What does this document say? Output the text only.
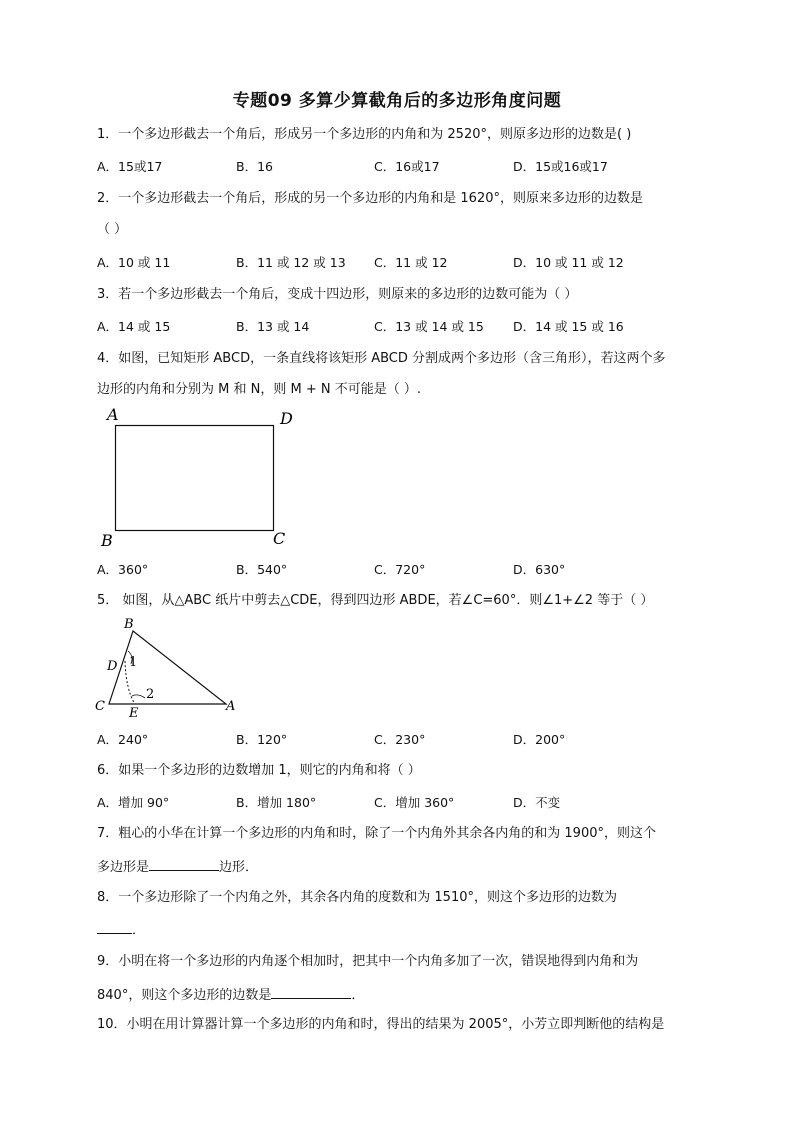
专题09 多算少算截角后的多边形角度问题
1．一个多边形截去一个角后，形成另一个多边形的内角和为 2520°，则原多边形的边数是( )
A．15或17	B．16	C．16或17	D．15或16或17
2．一个多边形截去一个角后，形成的另一个多边形的内角和是 1620°，则原来多边形的边数是
（ ）
A．10 或 11	B．11 或 12 或 13 C．11 或 12	D．10 或 11 或 12
3．若一个多边形截去一个角后，变成十四边形，则原来的多边形的边数可能为（ ）
A．14 或 15	B．13 或 14	C．13 或 14 或 15 D．14 或 15 或 16
4．如图，已知矩形 ABCD，一条直线将该矩形 ABCD 分割成两个多边形（含三角形），若这两个多
边形的内角和分别为 M 和 N，则 M + N 不可能是（ ）.
A	D
B	C
A．360°	B．540°	C．720°	D．630°
5． 如图，从△ABC 纸片中剪去△CDE，得到四边形 ABDE，若∠C=60°．则∠1+∠2 等于（ ）
B
D
C E	A
1
2
A．240°	B．120°	C．230°	D．200°
6．如果一个多边形的边数增加 1，则它的内角和将（ ）
A．增加 90°	B．增加 180°	C．增加 360°	D．不变
7．粗心的小华在计算一个多边形的内角和时，除了一个内角外其余各内角的和为 1900°，则这个
多边形是	边形．
8．一个多边形除了一个内角之外，其余各内角的度数和为 1510°，则这个多边形的边数为
．
9．小明在将一个多边形的内角逐个相加时，把其中一个内角多加了一次，错误地得到内角和为
840°，则这个多边形的边数是	．
10．小明在用计算器计算一个多边形的内角和时，得出的结果为 2005°，小芳立即判断他的结构是
